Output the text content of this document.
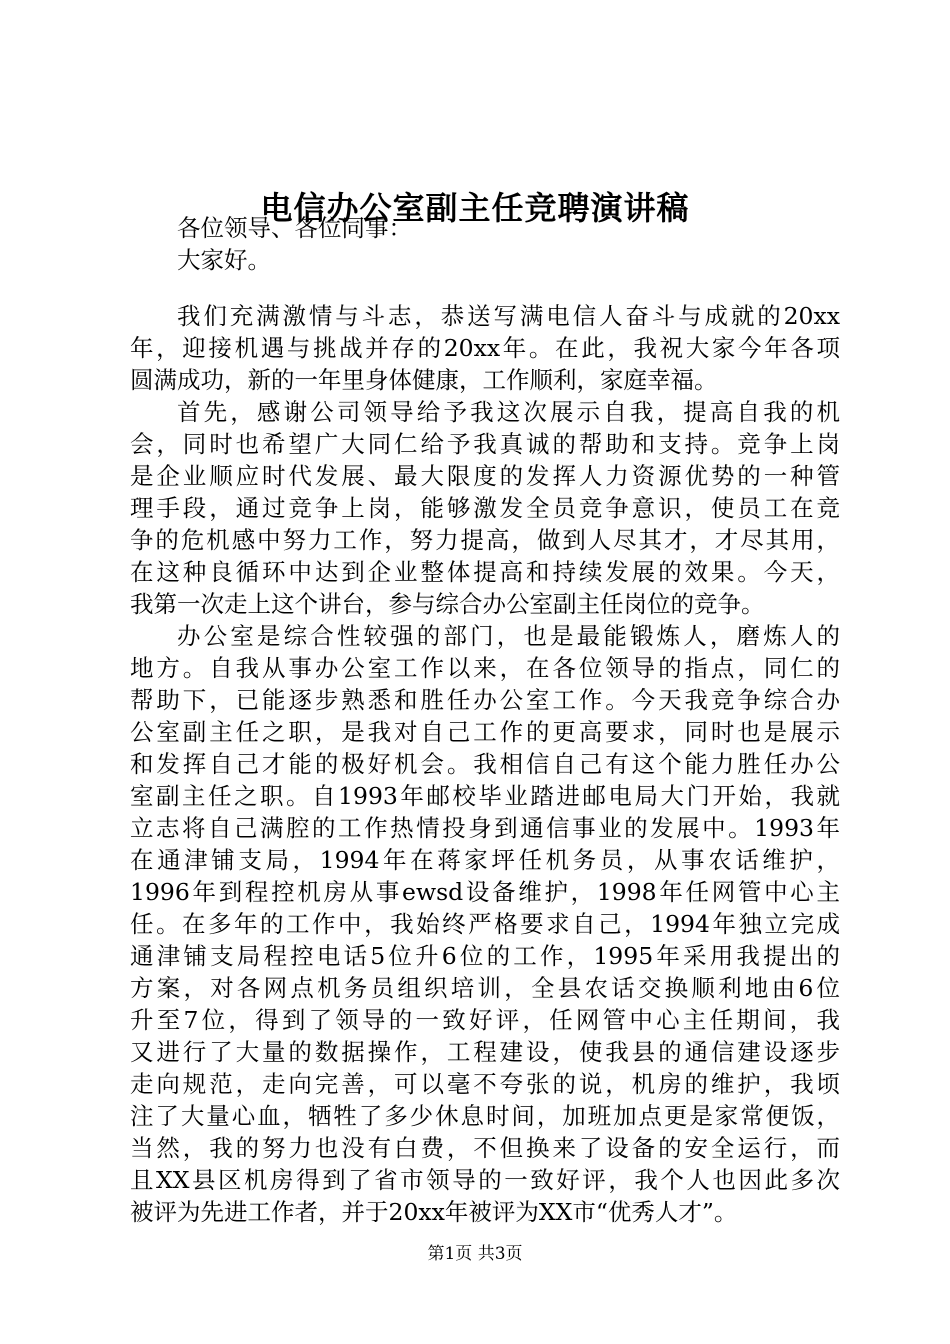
电信办公室副主任竞聘演讲稿
各位领导、各位同事：
大家好。
我们充满激情与斗志，恭送写满电信人奋斗与成就的20xx
年，迎接机遇与挑战并存的20xx年。在此，我祝大家今年各项
圆满成功，新的一年里身体健康，工作顺利，家庭幸福。
首先，感谢公司领导给予我这次展示自我，提高自我的机
会，同时也希望广大同仁给予我真诚的帮助和支持。竞争上岗
是企业顺应时代发展、最大限度的发挥人力资源优势的一种管
理手段，通过竞争上岗，能够激发全员竞争意识，使员工在竞
争的危机感中努力工作，努力提高，做到人尽其才，才尽其用，
在这种良循环中达到企业整体提高和持续发展的效果。今天，
我第一次走上这个讲台，参与综合办公室副主任岗位的竞争。
办公室是综合性较强的部门，也是最能锻炼人，磨炼人的
地方。自我从事办公室工作以来，在各位领导的指点，同仁的
帮助下，已能逐步熟悉和胜任办公室工作。今天我竞争综合办
公室副主任之职，是我对自己工作的更高要求，同时也是展示
和发挥自己才能的极好机会。我相信自己有这个能力胜任办公
室副主任之职。自1993年邮校毕业踏进邮电局大门开始，我就
立志将自己满腔的工作热情投身到通信事业的发展中。1993年
在通津铺支局，1994年在蒋家坪任机务员，从事农话维护，
1996年到程控机房从事ewsd设备维护，1998年任网管中心主
任。在多年的工作中，我始终严格要求自己，1994年独立完成
通津铺支局程控电话5位升6位的工作，1995年采用我提出的
方案，对各网点机务员组织培训，全县农话交换顺利地由6位
升至7位，得到了领导的一致好评，任网管中心主任期间，我
又进行了大量的数据操作，工程建设，使我县的通信建设逐步
走向规范，走向完善，可以毫不夸张的说，机房的维护，我顷
注了大量心血，牺牲了多少休息时间，加班加点更是家常便饭，
当然，我的努力也没有白费，不但换来了设备的安全运行，而
且XX县区机房得到了省市领导的一致好评，我个人也因此多次
被评为先进工作者，并于20xx年被评为XX市“优秀人才”。
第1页 共3页
